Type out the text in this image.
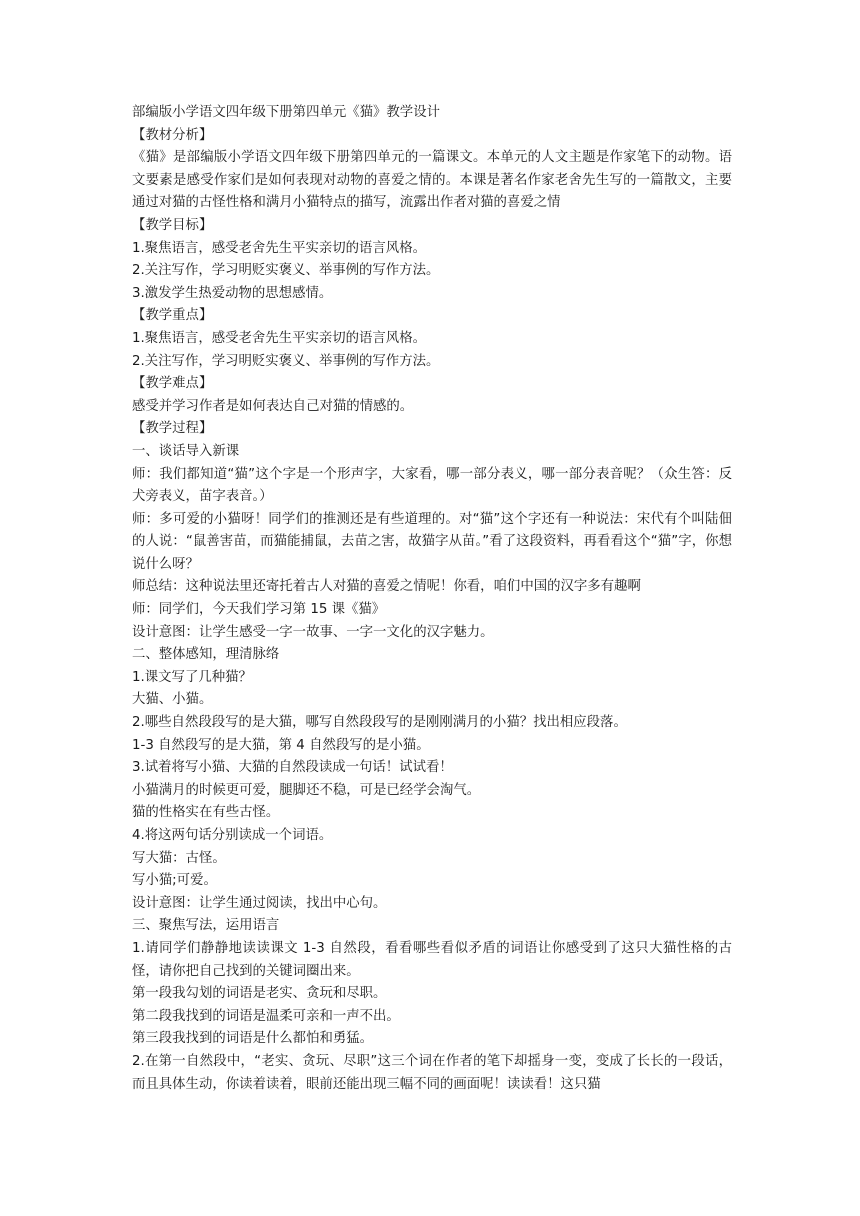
部编版小学语文四年级下册第四单元《猫》教学设计
【教材分析】
《猫》是部编版小学语文四年级下册第四单元的一篇课文。本单元的人文主题是作家笔下的动物。语文要素是感受作家们是如何表现对动物的喜爱之情的。本课是著名作家老舍先生写的一篇散文，主要通过对猫的古怪性格和满月小猫特点的描写，流露出作者对猫的喜爱之情
【教学目标】
1.聚焦语言，感受老舍先生平实亲切的语言风格。
2.关注写作，学习明贬实褒义、举事例的写作方法。
3.激发学生热爱动物的思想感情。
【教学重点】
1.聚焦语言，感受老舍先生平实亲切的语言风格。
2.关注写作，学习明贬实褒义、举事例的写作方法。
【教学难点】
感受并学习作者是如何表达自己对猫的情感的。
【教学过程】
一、谈话导入新课
师：我们都知道“猫”这个字是一个形声字，大家看，哪一部分表义，哪一部分表音呢？（众生答：反犬旁表义，苗字表音。）
师：多可爱的小猫呀！同学们的推测还是有些道理的。对“猫”这个字还有一种说法：宋代有个叫陆佃的人说：“鼠善害苗，而猫能捕鼠，去苗之害，故猫字从苗。”看了这段资料，再看看这个“猫”字，你想说什么呀？
师总结：这种说法里还寄托着古人对猫的喜爱之情呢！你看，咱们中国的汉字多有趣啊
师：同学们，今天我们学习第 15 课《猫》
设计意图：让学生感受一字一故事、一字一文化的汉字魅力。
二、整体感知，理清脉络
1.课文写了几种猫？
大猫、小猫。
2.哪些自然段段写的是大猫，哪写自然段段写的是刚刚满月的小猫？找出相应段落。
1-3 自然段写的是大猫，第 4 自然段写的是小猫。
3.试着将写小猫、大猫的自然段读成一句话！试试看！
小猫满月的时候更可爱，腿脚还不稳，可是已经学会淘气。
猫的性格实在有些古怪。
4.将这两句话分别读成一个词语。
写大猫：古怪。
写小猫;可爱。
设计意图：让学生通过阅读，找出中心句。
三、聚焦写法，运用语言
1.请同学们静静地读读课文 1-3 自然段，看看哪些看似矛盾的词语让你感受到了这只大猫性格的古怪，请你把自己找到的关键词圈出来。
第一段我勾划的词语是老实、贪玩和尽职。
第二段我找到的词语是温柔可亲和一声不出。
第三段我找到的词语是什么都怕和勇猛。
2.在第一自然段中，“老实、贪玩、尽职”这三个词在作者的笔下却摇身一变，变成了长长的一段话，而且具体生动，你读着读着，眼前还能出现三幅不同的画面呢！读读看！这只猫
